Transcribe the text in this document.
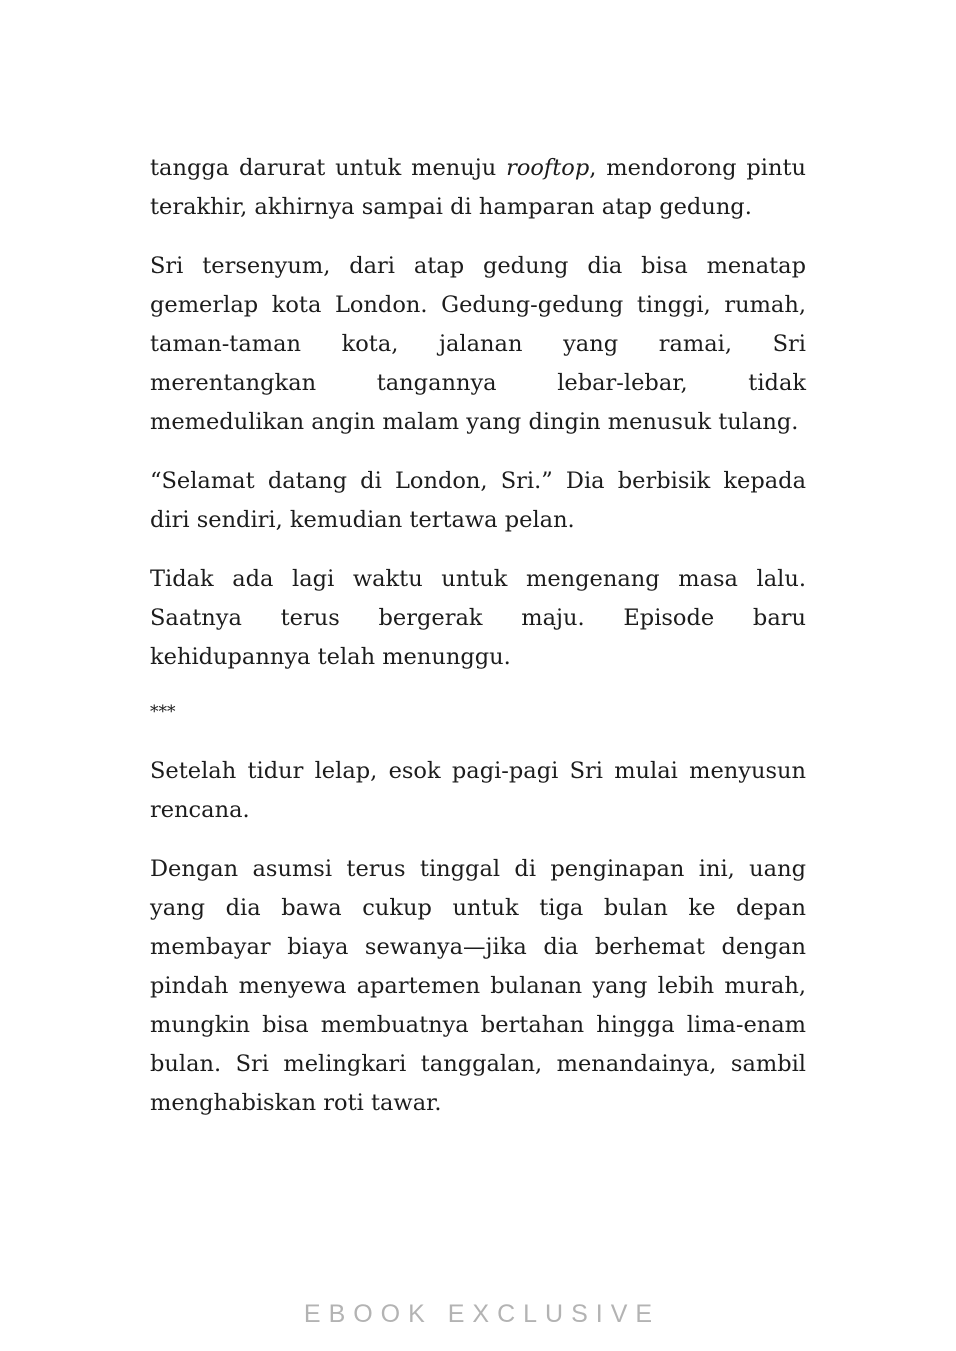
tangga darurat untuk menuju rooftop, mendorong pintu terakhir, akhirnya sampai di hamparan atap gedung.

Sri tersenyum, dari atap gedung dia bisa menatap gemerlap kota London. Gedung-gedung tinggi, rumah, taman-taman kota, jalanan yang ramai, Sri merentangkan tangannya lebar-lebar, tidak memedulikan angin malam yang dingin menusuk tulang.

“Selamat datang di London, Sri.” Dia berbisik kepada diri sendiri, kemudian tertawa pelan.

Tidak ada lagi waktu untuk mengenang masa lalu. Saatnya terus bergerak maju. Episode baru kehidupannya telah menunggu.

***

Setelah tidur lelap, esok pagi-pagi Sri mulai menyusun rencana.

Dengan asumsi terus tinggal di penginapan ini, uang yang dia bawa cukup untuk tiga bulan ke depan membayar biaya sewanya—jika dia berhemat dengan pindah menyewa apartemen bulanan yang lebih murah, mungkin bisa membuatnya bertahan hingga lima-enam bulan. Sri melingkari tanggalan, menandainya, sambil menghabiskan roti tawar.

EBOOK EXCLUSIVE
